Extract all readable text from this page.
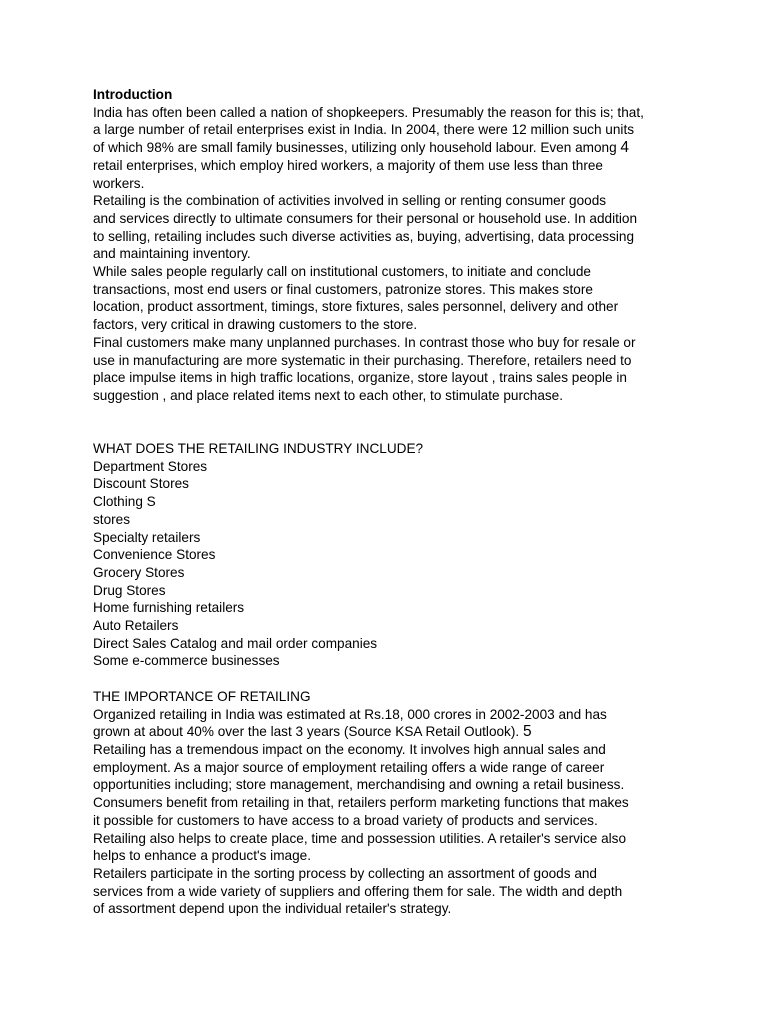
Introduction
India has often been called a nation of shopkeepers. Presumably the reason for this is; that,
a large number of retail enterprises exist in India. In 2004, there were 12 million such units
of which 98% are small family businesses, utilizing only household labour. Even among 4
retail enterprises, which employ hired workers, a majority of them use less than three
workers.
Retailing is the combination of activities involved in selling or renting consumer goods
and services directly to ultimate consumers for their personal or household use. In addition
to selling, retailing includes such diverse activities as, buying, advertising, data processing
and maintaining inventory.
While sales people regularly call on institutional customers, to initiate and conclude
transactions, most end users or final customers, patronize stores. This makes store
location, product assortment, timings, store fixtures, sales personnel, delivery and other
factors, very critical in drawing customers to the store.
Final customers make many unplanned purchases. In contrast those who buy for resale or
use in manufacturing are more systematic in their purchasing. Therefore, retailers need to
place impulse items in high traffic locations, organize, store layout , trains sales people in
suggestion , and place related items next to each other, to stimulate purchase.
WHAT DOES THE RETAILING INDUSTRY INCLUDE?
Department Stores
Discount Stores
Clothing S
stores
Specialty retailers
Convenience Stores
Grocery Stores
Drug Stores
Home furnishing retailers
Auto Retailers
Direct Sales Catalog and mail order companies
Some e-commerce businesses
THE IMPORTANCE OF RETAILING
Organized retailing in India was estimated at Rs.18, 000 crores in 2002-2003 and has
grown at about 40% over the last 3 years (Source KSA Retail Outlook). 5
Retailing has a tremendous impact on the economy. It involves high annual sales and
employment. As a major source of employment retailing offers a wide range of career
opportunities including; store management, merchandising and owning a retail business.
Consumers benefit from retailing in that, retailers perform marketing functions that makes
it possible for customers to have access to a broad variety of products and services.
Retailing also helps to create place, time and possession utilities. A retailer's service also
helps to enhance a product's image.
Retailers participate in the sorting process by collecting an assortment of goods and
services from a wide variety of suppliers and offering them for sale. The width and depth
of assortment depend upon the individual retailer's strategy.
